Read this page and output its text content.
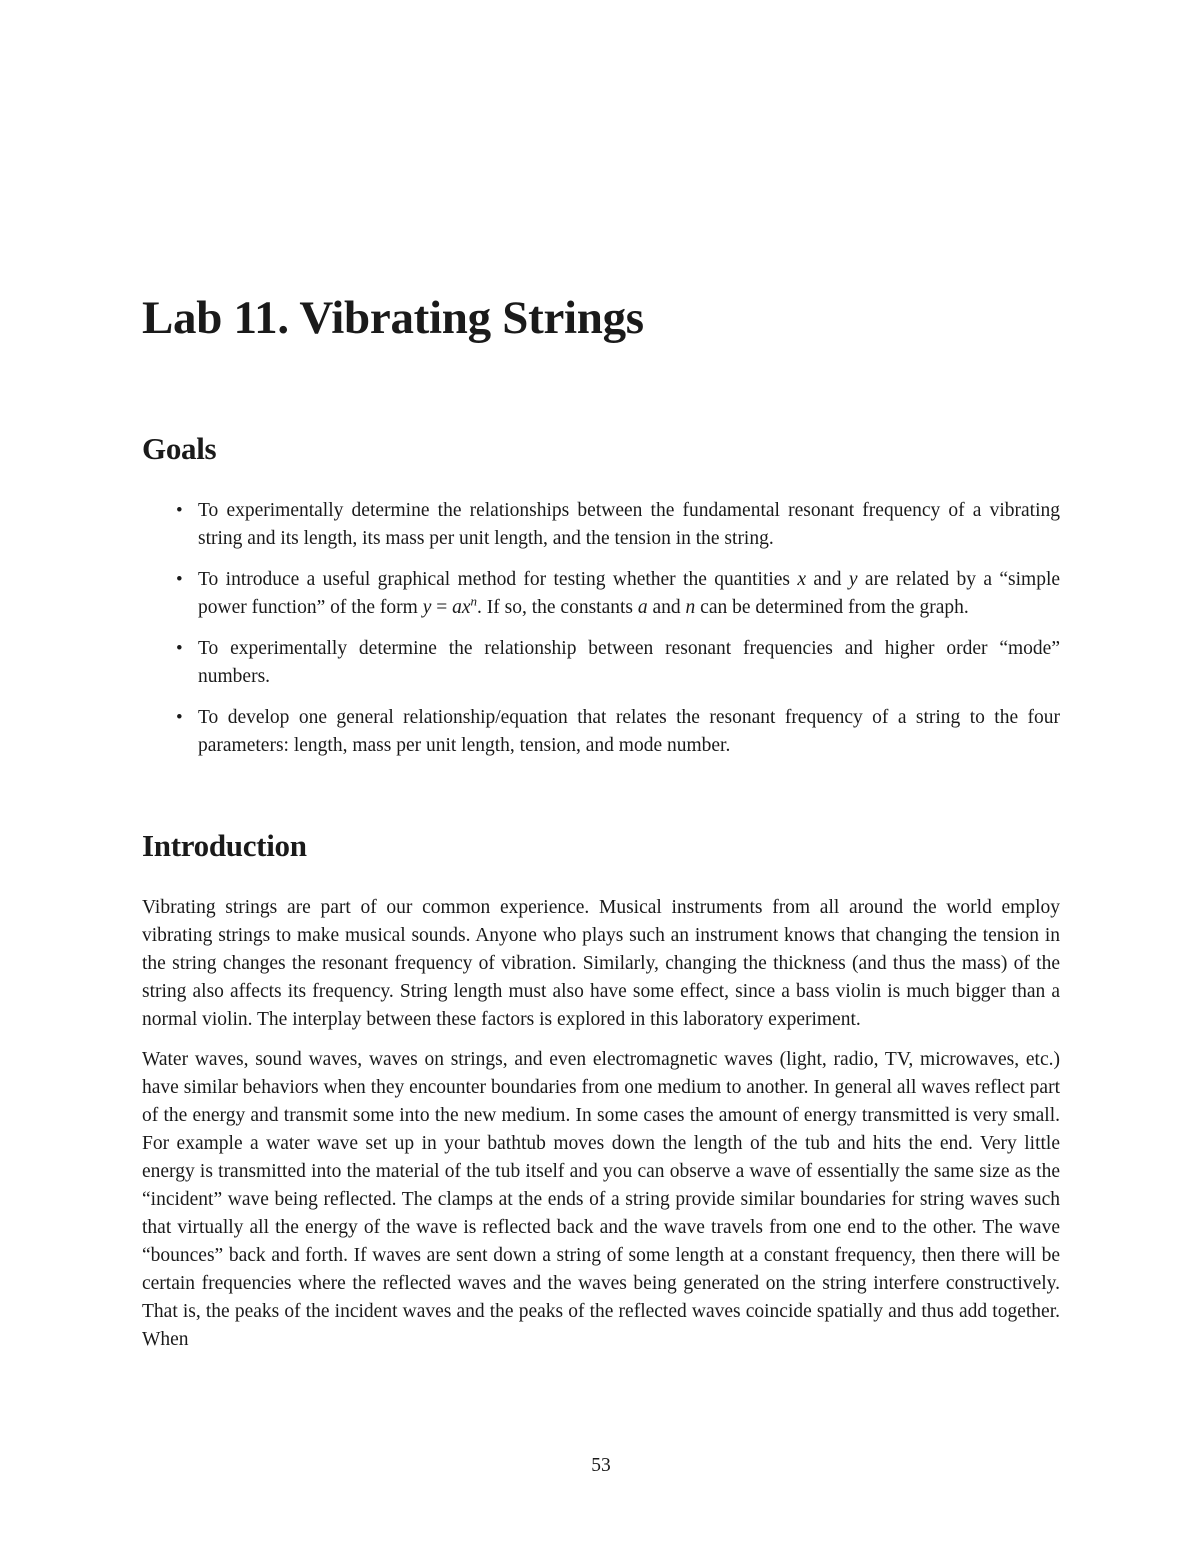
Lab 11. Vibrating Strings
Goals
• To experimentally determine the relationships between the fundamental resonant frequency of a vibrating string and its length, its mass per unit length, and the tension in the string.
• To introduce a useful graphical method for testing whether the quantities x and y are related by a “simple power function” of the form $y = ax^n$. If so, the constants a and n can be determined from the graph.
• To experimentally determine the relationship between resonant frequencies and higher order “mode” numbers.
• To develop one general relationship/equation that relates the resonant frequency of a string to the four parameters: length, mass per unit length, tension, and mode number.
Introduction

Vibrating strings are part of our common experience. Musical instruments from all around the world employ vibrating strings to make musical sounds. Anyone who plays such an instrument knows that changing the tension in the string changes the resonant frequency of vibration. Similarly, changing the thickness (and thus the mass) of the string also affects its frequency. String length must also have some effect, since a bass violin is much bigger than a normal violin. The interplay between these factors is explored in this laboratory experiment.

Water waves, sound waves, waves on strings, and even electromagnetic waves (light, radio, TV, microwaves, etc.) have similar behaviors when they encounter boundaries from one medium to another. In general all waves reflect part of the energy and transmit some into the new medium. In some cases the amount of energy transmitted is very small. For example a water wave set up in your bathtub moves down the length of the tub and hits the end. Very little energy is transmitted into the material of the tub itself and you can observe a wave of essentially the same size as the “incident” wave being reflected. The clamps at the ends of a string provide similar boundaries for string waves such that virtually all the energy of the wave is reflected back and the wave travels from one end to the other. The wave “bounces” back and forth. If waves are sent down a string of some length at a constant frequency, then there will be certain frequencies where the reflected waves and the waves being generated on the string interfere constructively. That is, the peaks of the incident waves and the peaks of the reflected waves coincide spatially and thus add together. When

53
